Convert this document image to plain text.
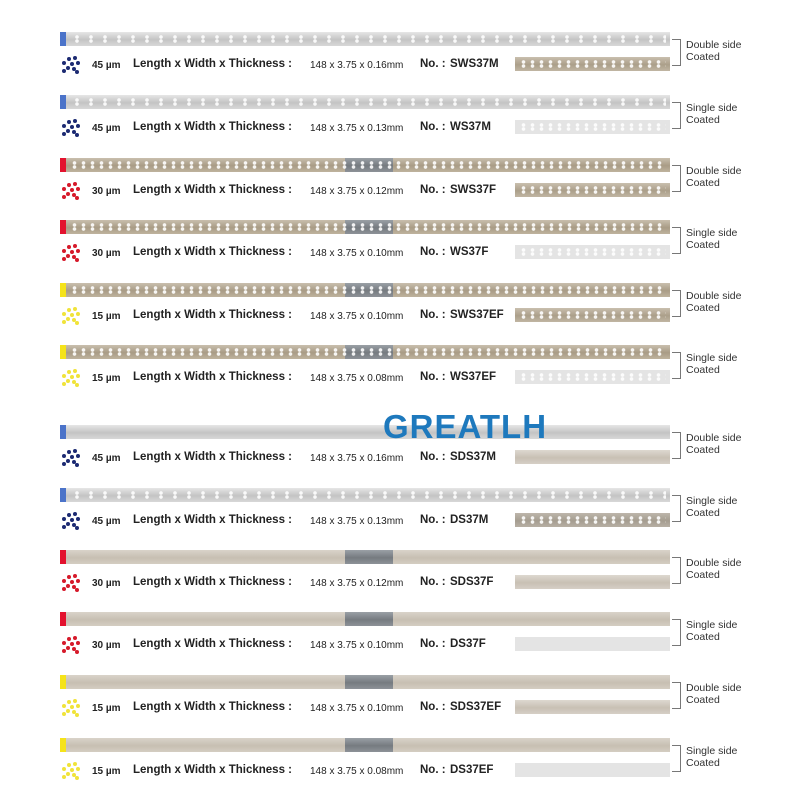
45 µm Length x Width x Thickness : 148 x 3.75 x 0.16mm No. : SWS37M
Double side
Coated
45 µm Length x Width x Thickness : 148 x 3.75 x 0.13mm No. : WS37M
Single side
Coated
30 µm Length x Width x Thickness : 148 x 3.75 x 0.12mm No. : SWS37F
Double side
Coated
30 µm Length x Width x Thickness : 148 x 3.75 x 0.10mm No. : WS37F
Single side
Coated
15 µm Length x Width x Thickness : 148 x 3.75 x 0.10mm No. : SWS37EF
Double side
Coated
15 µm Length x Width x Thickness : 148 x 3.75 x 0.08mm No. : WS37EF
Single side
Coated
45 µm Length x Width x Thickness : 148 x 3.75 x 0.16mm No. : SDS37M
Double side
Coated
45 µm Length x Width x Thickness : 148 x 3.75 x 0.13mm No. : DS37M
Single side
Coated
30 µm Length x Width x Thickness : 148 x 3.75 x 0.12mm No. : SDS37F
Double side
Coated
30 µm Length x Width x Thickness : 148 x 3.75 x 0.10mm No. : DS37F
Single side
Coated
15 µm Length x Width x Thickness : 148 x 3.75 x 0.10mm No. : SDS37EF
Double side
Coated
15 µm Length x Width x Thickness : 148 x 3.75 x 0.08mm No. : DS37EF
Single side
Coated
GREATLH
